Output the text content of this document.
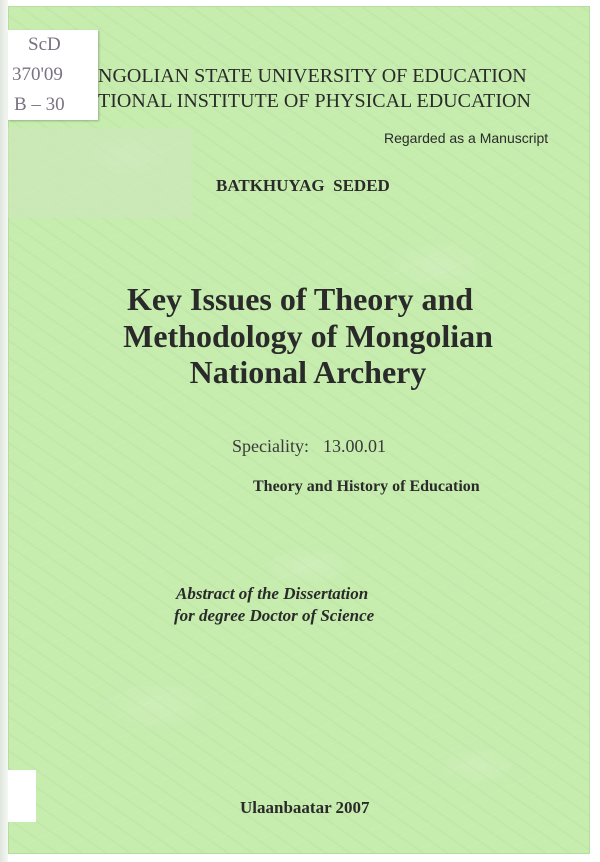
ScD
370'09
B – 30
NGOLIAN STATE UNIVERSITY OF EDUCATION
TIONAL INSTITUTE OF PHYSICAL EDUCATION
Regarded as a Manuscript
BATKHUYAG  SEDED
Key Issues of Theory and
Methodology of Mongolian
National Archery
Speciality: 13.00.01
Theory and History of Education
Abstract of the Dissertation
for degree Doctor of Science
Ulaanbaatar 2007
